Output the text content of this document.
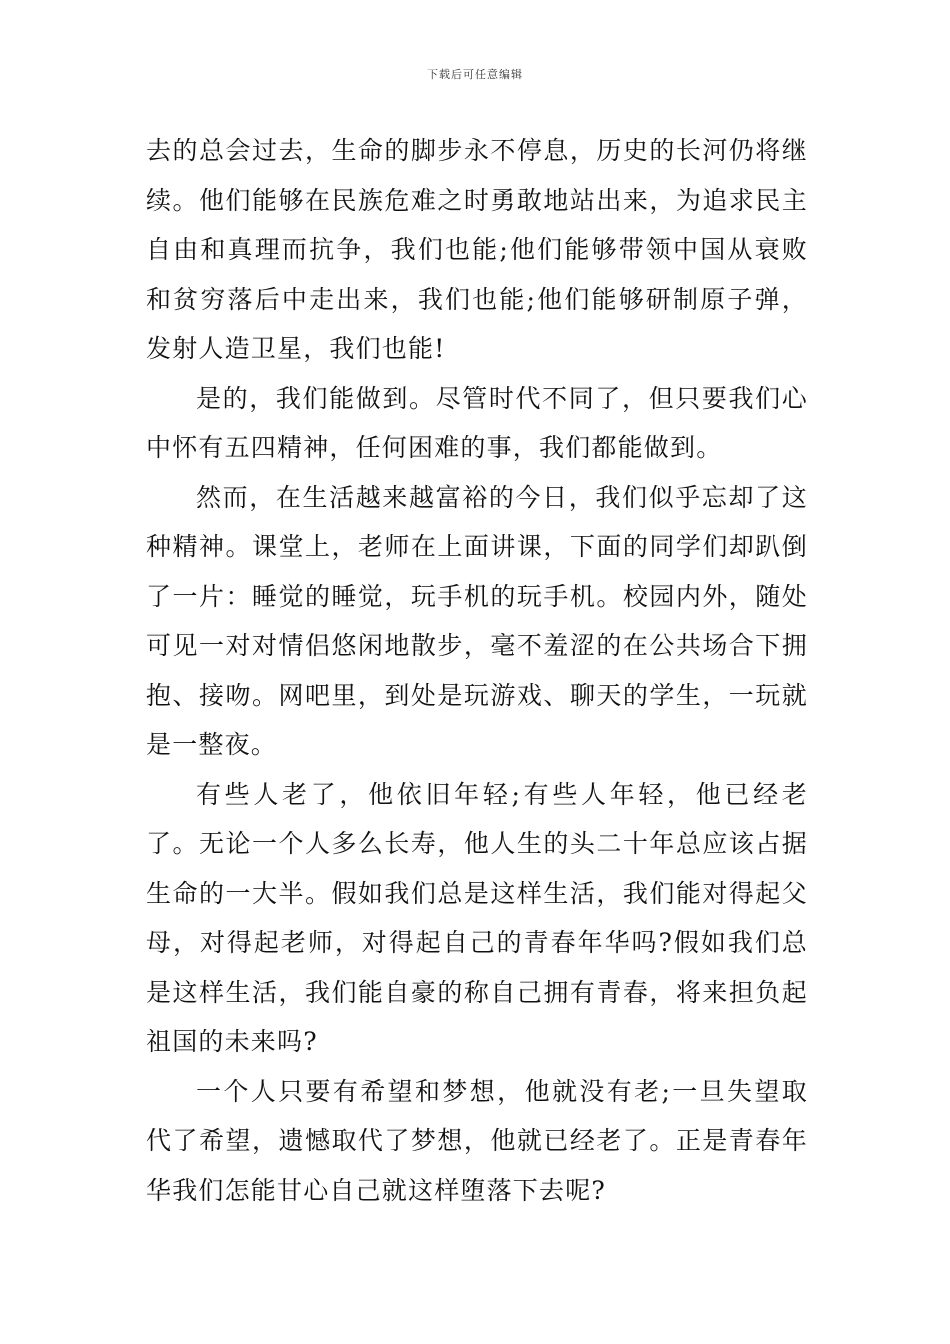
下载后可任意编辑

去的总会过去，生命的脚步永不停息，历史的长河仍将继续。他们能够在民族危难之时勇敢地站出来，为追求民主自由和真理而抗争，我们也能;他们能够带领中国从衰败和贫穷落后中走出来，我们也能;他们能够研制原子弹，发射人造卫星，我们也能!

是的，我们能做到。尽管时代不同了，但只要我们心中怀有五四精神，任何困难的事，我们都能做到。

然而，在生活越来越富裕的今日，我们似乎忘却了这种精神。课堂上，老师在上面讲课，下面的同学们却趴倒了一片：睡觉的睡觉，玩手机的玩手机。校园内外，随处可见一对对情侣悠闲地散步，毫不羞涩的在公共场合下拥抱、接吻。网吧里，到处是玩游戏、聊天的学生，一玩就是一整夜。

有些人老了，他依旧年轻;有些人年轻，他已经老了。无论一个人多么长寿，他人生的头二十年总应该占据生命的一大半。假如我们总是这样生活，我们能对得起父母，对得起老师，对得起自己的青春年华吗?假如我们总是这样生活，我们能自豪的称自己拥有青春，将来担负起祖国的未来吗?

一个人只要有希望和梦想，他就没有老;一旦失望取代了希望，遗憾取代了梦想，他就已经老了。正是青春年华我们怎能甘心自己就这样堕落下去呢?
